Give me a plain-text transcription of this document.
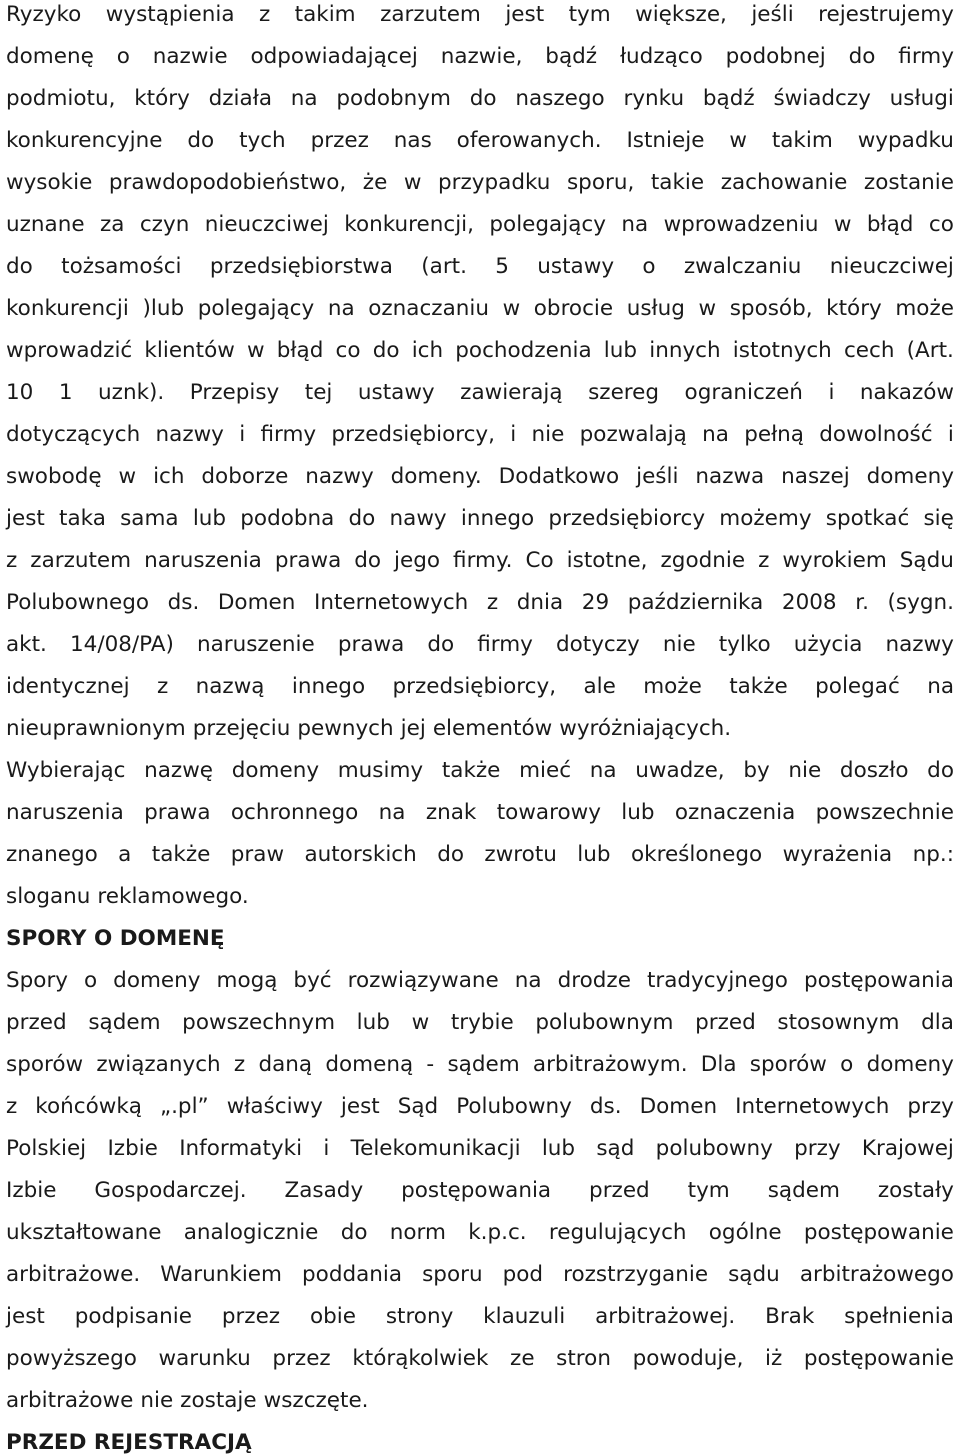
Ryzyko wystąpienia z takim zarzutem jest tym większe, jeśli rejestrujemy
domenę o nazwie odpowiadającej nazwie, bądź łudząco podobnej do firmy
podmiotu, który działa na podobnym do naszego rynku bądź świadczy usługi
konkurencyjne do tych przez nas oferowanych. Istnieje w takim wypadku
wysokie prawdopodobieństwo, że w przypadku sporu, takie zachowanie zostanie
uznane za czyn nieuczciwej konkurencji, polegający na wprowadzeniu w błąd co
do tożsamości przedsiębiorstwa (art. 5 ustawy o zwalczaniu nieuczciwej
konkurencji )lub polegający na oznaczaniu w obrocie usług w sposób, który może
wprowadzić klientów w błąd co do ich pochodzenia lub innych istotnych cech (Art.
10 1 uznk). Przepisy tej ustawy zawierają szereg ograniczeń i nakazów
dotyczących nazwy i firmy przedsiębiorcy, i nie pozwalają na pełną dowolność i
swobodę w ich doborze nazwy domeny. Dodatkowo jeśli nazwa naszej domeny
jest taka sama lub podobna do nawy innego przedsiębiorcy możemy spotkać się
z zarzutem naruszenia prawa do jego firmy. Co istotne, zgodnie z wyrokiem Sądu
Polubownego ds. Domen Internetowych z dnia 29 października 2008 r. (sygn.
akt. 14/08/PA) naruszenie prawa do firmy dotyczy nie tylko użycia nazwy
identycznej z nazwą innego przedsiębiorcy, ale może także polegać na
nieuprawnionym przejęciu pewnych jej elementów wyróżniających.
Wybierając nazwę domeny musimy także mieć na uwadze, by nie doszło do
naruszenia prawa ochronnego na znak towarowy lub oznaczenia powszechnie
znanego a także praw autorskich do zwrotu lub określonego wyrażenia np.:
sloganu reklamowego.
SPORY O DOMENĘ
Spory o domeny mogą być rozwiązywane na drodze tradycyjnego postępowania
przed sądem powszechnym lub w trybie polubownym przed stosownym dla
sporów związanych z daną domeną - sądem arbitrażowym. Dla sporów o domeny
z końcówką „.pl” właściwy jest Sąd Polubowny ds. Domen Internetowych przy
Polskiej Izbie Informatyki i Telekomunikacji lub sąd polubowny przy Krajowej
Izbie Gospodarczej. Zasady postępowania przed tym sądem zostały
ukształtowane analogicznie do norm k.p.c. regulujących ogólne postępowanie
arbitrażowe. Warunkiem poddania sporu pod rozstrzyganie sądu arbitrażowego
jest podpisanie przez obie strony klauzuli arbitrażowej. Brak spełnienia
powyższego warunku przez którąkolwiek ze stron powoduje, iż postępowanie
arbitrażowe nie zostaje wszczęte.
PRZED REJESTRACJĄ
